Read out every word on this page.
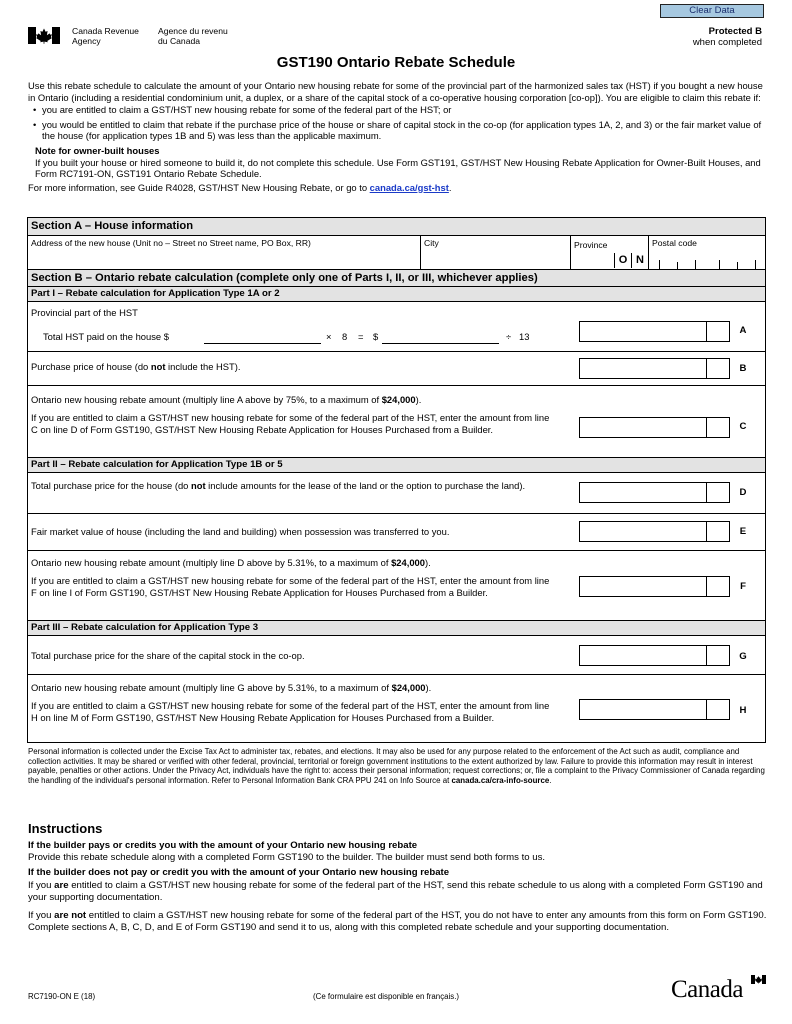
Clear Data
Canada Revenue
Agency
Agence du revenu
du Canada
Protected B
when completed
GST190 Ontario Rebate Schedule

Use this rebate schedule to calculate the amount of your Ontario new housing rebate for some of the provincial part of the harmonized sales tax (HST) if you bought a new house in Ontario (including a residential condominium unit, a duplex, or a share of the capital stock of a co-operative housing corporation [co-op]). You are eligible to claim this rebate if:

• you are entitled to claim a GST/HST new housing rebate for some of the federal part of the HST; or
• you would be entitled to claim that rebate if the purchase price of the house or share of capital stock in the co-op (for application types 1A, 2, and 3) or the fair market value of the house (for application types 1B and 5) was less than the applicable maximum.
Note for owner-built houses
If you built your house or hired someone to build it, do not complete this schedule. Use Form GST191, GST/HST New Housing Rebate Application for Owner-Built Houses, and Form RC7191-ON, GST191 Ontario Rebate Schedule.

For more information, see Guide R4028, GST/HST New Housing Rebate, or go to canada.ca/gst-hst.

Section A – House information
Address of the new house (Unit no – Street no Street name, PO Box, RR)	City	Province
O N
Postal code
Section B – Ontario rebate calculation (complete only one of Parts I, II, or III, whichever applies)
Part I – Rebate calculation for Application Type 1A or 2
Provincial part of the HST
Total HST paid on the house $	×	8	=	$	÷ 13
A
Purchase price of house (do not include the HST).	B
Ontario new housing rebate amount (multiply line A above by 75%, to a maximum of $24,000).
If you are entitled to claim a GST/HST new housing rebate for some of the federal part of the HST, enter the amount from line C on line D of Form GST190, GST/HST New Housing Rebate Application for Houses Purchased from a Builder.	C
Part II – Rebate calculation for Application Type 1B or 5
Total purchase price for the house (do not include amounts for the lease of the land or the option to purchase the land).
D
Fair market value of house (including the land and building) when possession was transferred to you.	E
Ontario new housing rebate amount (multiply line D above by 5.31%, to a maximum of $24,000).
If you are entitled to claim a GST/HST new housing rebate for some of the federal part of the HST, enter the amount from line F on line I of Form GST190, GST/HST New Housing Rebate Application for Houses Purchased from a Builder.
F
Part III – Rebate calculation for Application Type 3
Total purchase price for the share of the capital stock in the co-op.	G
Ontario new housing rebate amount (multiply line G above by 5.31%, to a maximum of $24,000).
If you are entitled to claim a GST/HST new housing rebate for some of the federal part of the HST, enter the amount from line H on line M of Form GST190, GST/HST New Housing Rebate Application for Houses Purchased from a Builder.
H
Personal information is collected under the Excise Tax Act to administer tax, rebates, and elections. It may also be used for any purpose related to the enforcement of the Act such as audit, compliance and collection activities. It may be shared or verified with other federal, provincial, territorial or foreign government institutions to the extent authorized by law. Failure to provide this information may result in interest payable, penalties or other actions. Under the Privacy Act, individuals have the right to: access their personal information; request corrections; or, file a complaint to the Privacy Commissioner of Canada regarding the handling of the individual's personal information. Refer to Personal Information Bank CRA PPU 241 on Info Source at canada.ca/cra-info-source.
Instructions
If the builder pays or credits you with the amount of your Ontario new housing rebate

Provide this rebate schedule along with a completed Form GST190 to the builder. The builder must send both forms to us.

If the builder does not pay or credit you with the amount of your Ontario new housing rebate

If you are entitled to claim a GST/HST new housing rebate for some of the federal part of the HST, send this rebate schedule to us along with a completed Form GST190 and your supporting documentation.

If you are not entitled to claim a GST/HST new housing rebate for some of the federal part of the HST, you do not have to enter any amounts from this form on Form GST190. Complete sections A, B, C, D, and E of Form GST190 and send it to us, along with this completed rebate schedule and your supporting documentation.

RC7190-ON E (18)	(Ce formulaire est disponible en français.)	Canada
